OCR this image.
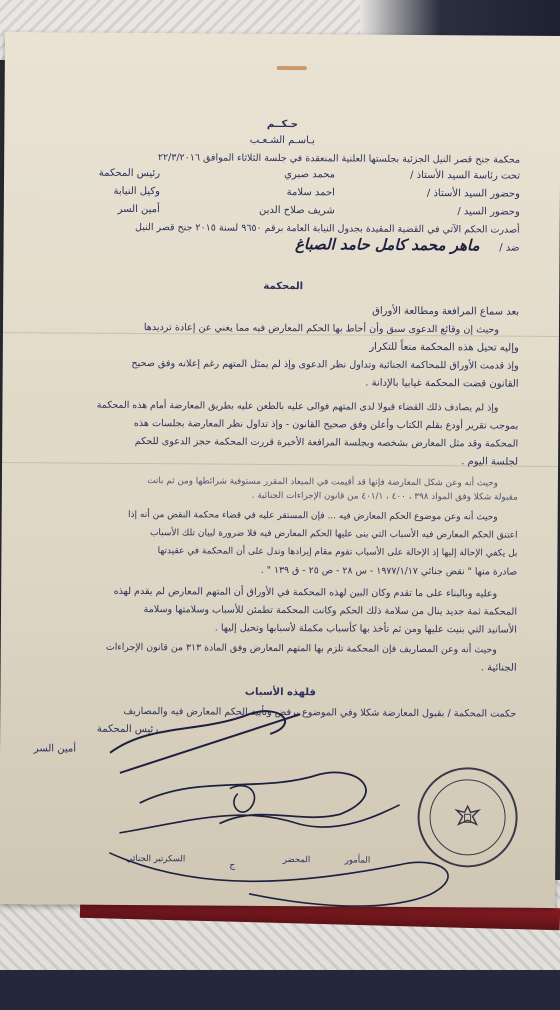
حـكــم
بـاسـم الشـعـب
محكمة جنح قصر النيل الجزئية بجلستها العلنية المنعقدة في جلسة الثلاثاء الموافق ٢٢/٣/٢٠١٦
تحت رئاسة السيد الأستاذ /
محمد صبري
رئيس المحكمة
وحضور السيد الأستاذ /
احمد سلامة
وكيل النيابة
وحضور السيد /
شريف صلاح الدين
أمين السر
أصدرت الحكم الآتي في القضية المقيدة بجدول النيابة العامة برقم ٩٦٥٠ لسنة ٢٠١٥ جنح قصر النيل
ضد /
ماهر محمد كامل حامد الصباغ
المحكمة
بعد سماع المرافعة ومطالعة الأوراق
وحيث إن وقائع الدعوى سبق وأن أحاط بها الحكم المعارض فيه مما يغني عن إعادة ترديدها
وإليه تحيل هذه المحكمة منعاً للتكرار
وإذ قدمت الأوراق للمحاكمة الجنائية وتداول نظر الدعوى وإذ لم يمثل المتهم رغم إعلانه وفق صحيح
القانون قضت المحكمة غيابيا بالإدانة .
وإذ لم يصادف ذلك القضاء قبولا لدى المتهم فوالى عليه بالطعن عليه بطريق المعارضة أمام هذه المحكمة
بموجب تقرير أودع بقلم الكتاب وأعلن وفق صحيح القانون - وإذ تداول نظر المعارضة بجلسات هذه
المحكمة وقد مثل المعارض بشخصه وبجلسة المرافعة الأخيرة قررت المحكمة حجز الدعوى للحكم
لجلسة اليوم .
وحيث أنه وعن شكل المعارضة فإنها قد أقيمت في الميعاد المقرر مستوفية شرائطها ومن ثم باتت
مقبولة شكلا وفق المواد ٣٩٨ ، ٤٠٠ ، ٤٠١/١ من قانون الإجراءات الجنائية .
وحيث أنه وعن موضوع الحكم المعارض فيه ... فإن المستقر عليه في قضاء محكمة النقض من أنه إذا
اعتنق الحكم المعارض فيه الأسباب التي بنى عليها الحكم المعارض فيه فلا ضرورة لبيان تلك الأسباب
بل يكفي الإحالة إليها إذ الإحالة على الأسباب تقوم مقام إيرادها وتدل على أن المحكمة في عقيدتها
صادرة منها " نقض جنائي ١٩٧٧/١/١٧ - س ٢٨ - ص ٢٥ - ق ١٣٩ " .
وعليه وبالبناء على ما تقدم وكان البين لهذه المحكمة في الأوراق أن المتهم المعارض لم يقدم لهذه
المحكمة ثمة جديد ينال من سلامة ذلك الحكم وكانت المحكمة تطمئن للأسباب وسلامتها وسلامة
الأسانيد التي بنيت عليها ومن ثم تأخذ بها كأسباب مكملة لأسبابها وتحيل إليها .
وحيث أنه وعن المصاريف فإن المحكمة تلزم بها المتهم المعارض وفق المادة ٣١٣ من قانون الإجراءات
الجنائية .
فلهذه الأسباب
حكمت المحكمة / بقبول المعارضة شكلا وفي الموضوع برفض وتأييد الحكم المعارض فيه والمصاريف
رئيس المحكمة
أمين السر
المأمور
المحضر
ج
السكرتير الجنائي
